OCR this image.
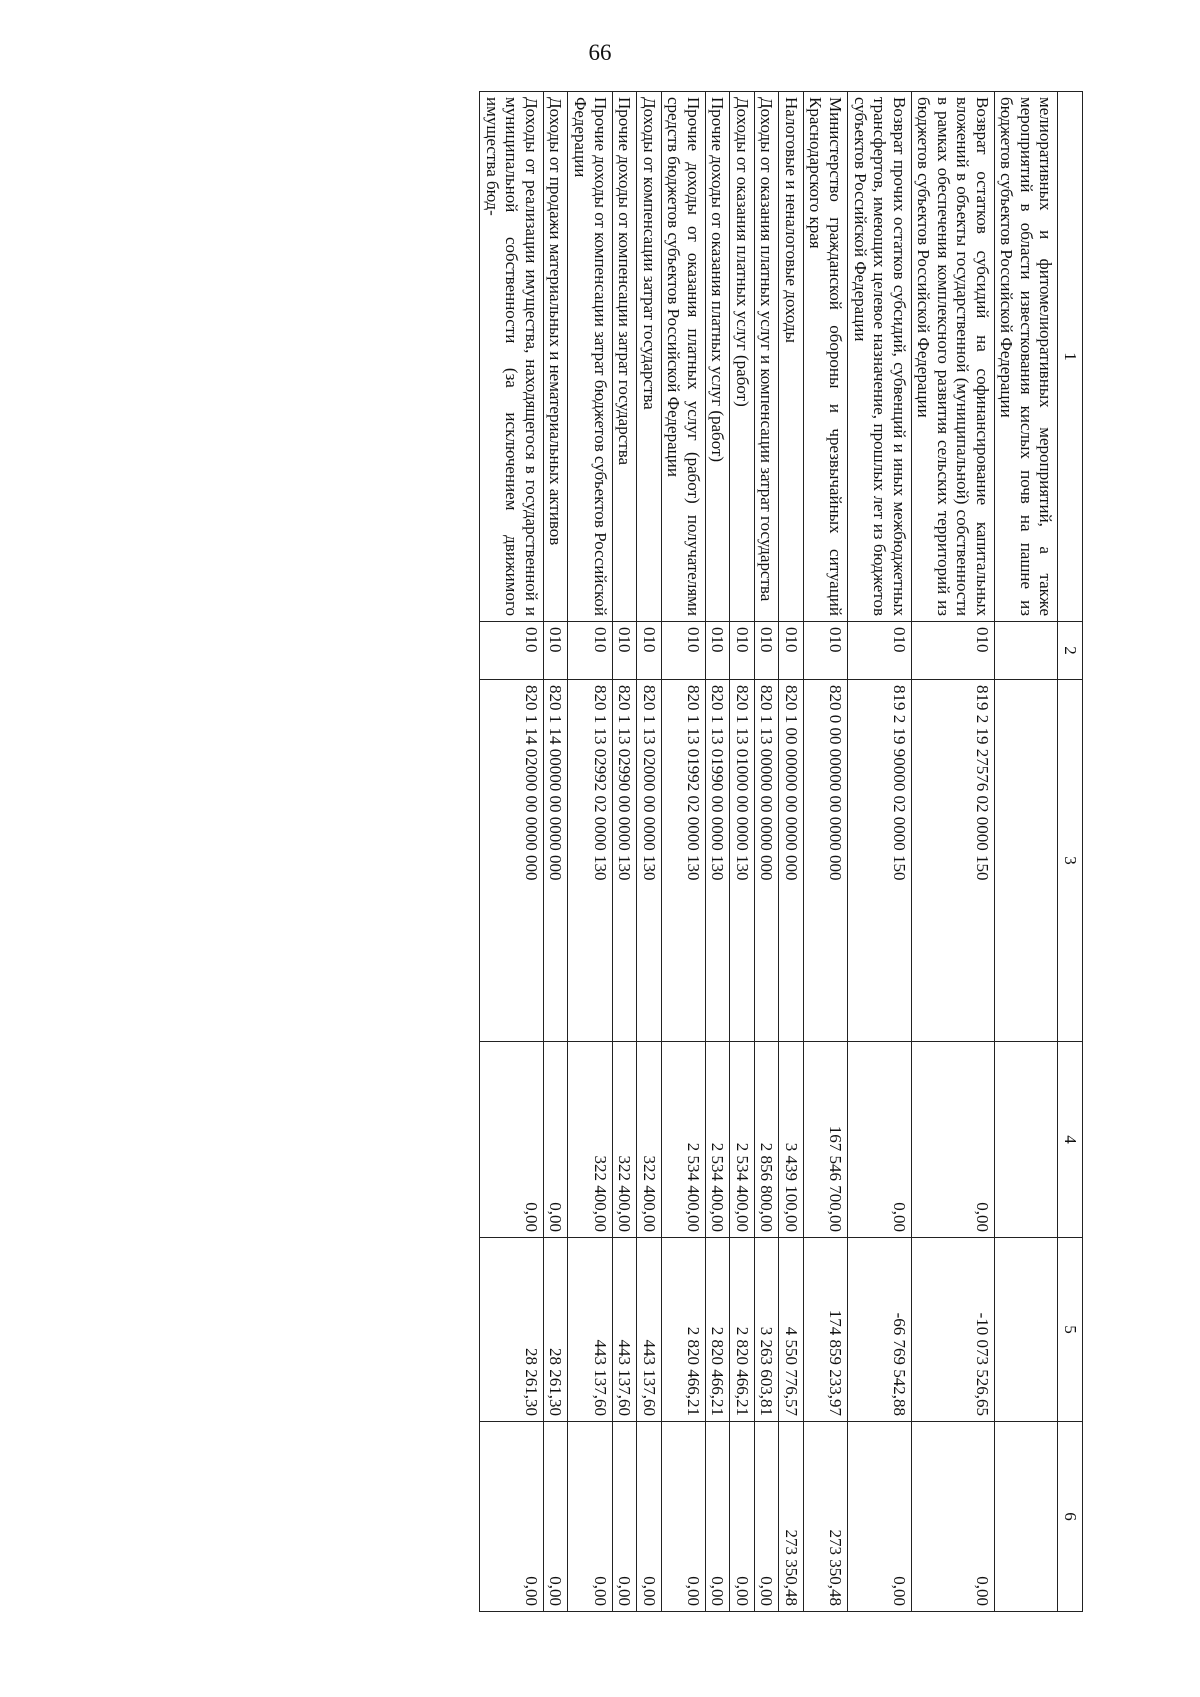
66
1	2	3	4	5	6
мелиоративных и фитомелиоративных мероприятий, а также мероприятий в области известкования кислых почв на пашне из бюджетов субъектов Российской Федерации					
Возврат остатков субсидий на софинансирование капитальных вложений в объекты государственной (муниципальной) собственности в рамках обеспечения комплексного развития сельских территорий из бюджетов субъектов Российской Федерации	010	819 2 19 27576 02 0000 150	0,00	-10 073 526,65	0,00
Возврат прочих остатков субсидий, субвенций и иных межбюджетных трансфертов, имеющих целевое назначение, прошлых лет из бюджетов субъектов Российской Федерации	010	819 2 19 90000 02 0000 150	0,00	-66 769 542,88	0,00
Министерство гражданской обороны и чрезвычайных ситуаций Краснодарского края	010	820 0 00 00000 00 0000 000	167 546 700,00	174 859 233,97	273 350,48
Налоговые и неналоговые доходы	010	820 1 00 00000 00 0000 000	3 439 100,00	4 550 776,57	273 350,48
Доходы от оказания платных услуг и компенсации затрат государства	010	820 1 13 00000 00 0000 000	2 856 800,00	3 263 603,81	0,00
Доходы от оказания платных услуг (работ)	010	820 1 13 01000 00 0000 130	2 534 400,00	2 820 466,21	0,00
Прочие доходы от оказания платных услуг (работ)	010	820 1 13 01990 00 0000 130	2 534 400,00	2 820 466,21	0,00
Прочие доходы от оказания платных услуг (работ) получателями средств бюджетов субъектов Российской Федерации	010	820 1 13 01992 02 0000 130	2 534 400,00	2 820 466,21	0,00
Доходы от компенсации затрат государства	010	820 1 13 02000 00 0000 130	322 400,00	443 137,60	0,00
Прочие доходы от компенсации затрат государства	010	820 1 13 02990 00 0000 130	322 400,00	443 137,60	0,00
Прочие доходы от компенсации затрат бюджетов субъектов Российской Федерации	010	820 1 13 02992 02 0000 130	322 400,00	443 137,60	0,00
Доходы от продажи материальных и нематериальных активов	010	820 1 14 00000 00 0000 000	0,00	28 261,30	0,00
Доходы от реализации имущества, находящегося в государственной и муниципальной собственности (за исключением движимого имущества бюд-	010	820 1 14 02000 00 0000 000	0,00	28 261,30	0,00
